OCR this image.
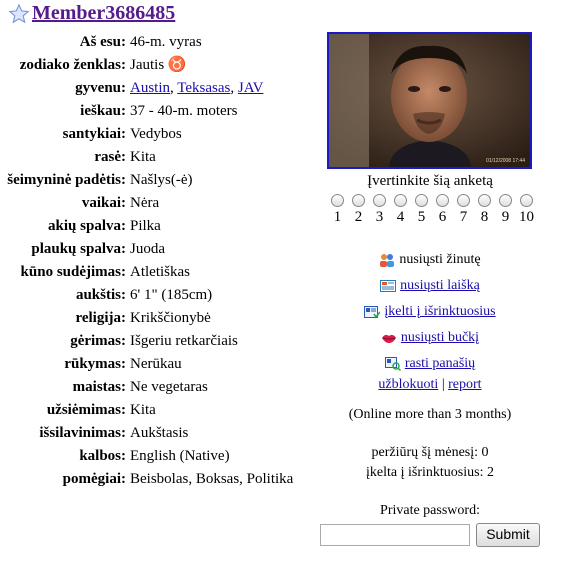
Member3686485
Aš esu:	46-m. vyras
zodiako ženklas:	Jautis ♉
gyvenu:	Austin, Teksasas, JAV
ieškau:	37 - 40-m. moters
santykiai:	Vedybos
rasė:	Kita
šeimyninė padėtis:	Našlys(-ė)
vaikai:	Nėra
akių spalva:	Pilka
plaukų spalva:	Juoda
kūno sudėjimas:	Atletiškas
aukštis:	6' 1" (185cm)
religija:	Krikščionybė
gėrimas:	Išgeriu retkarčiais
rūkymas:	Nerūkau
maistas:	Ne vegetaras
užsiėmimas:	Kita
išsilavinimas:	Aukštasis
kalbos:	English (Native)
pomėgiai:	Beisbolas, Boksas, Politika
01/12/2008 17:44
Įvertinkite šią anketą
1 2 3 4 5 6 7 8 9 10
nusiųsti žinutę
nusiųsti laišką
įkelti į išrinktuosius
nusiųsti bučkį
rasti panašių
užblokuoti | report
(Online more than 3 months)
peržiūrų šį mėnesį: 0
įkelta į išrinktuosius: 2
Private password:
Submit
